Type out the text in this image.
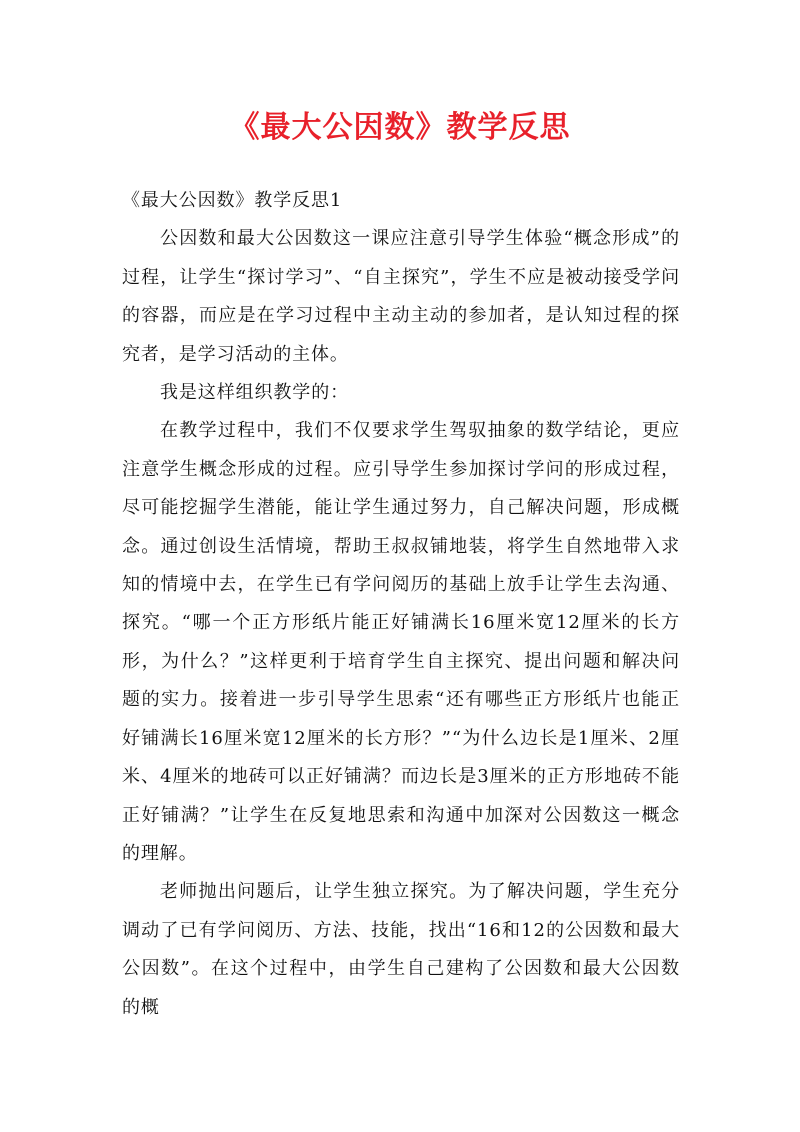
《最大公因数》教学反思

《最大公因数》教学反思1

公因数和最大公因数这一课应注意引导学生体验“概念形成”的过程，让学生“探讨学习”、“自主探究”，学生不应是被动接受学问的容器，而应是在学习过程中主动主动的参加者，是认知过程的探究者，是学习活动的主体。

我是这样组织教学的：

在教学过程中，我们不仅要求学生驾驭抽象的数学结论，更应注意学生概念形成的过程。应引导学生参加探讨学问的形成过程，尽可能挖掘学生潜能，能让学生通过努力，自己解决问题，形成概念。通过创设生活情境，帮助王叔叔铺地装，将学生自然地带入求知的情境中去，在学生已有学问阅历的基础上放手让学生去沟通、探究。“哪一个正方形纸片能正好铺满长16厘米宽12厘米的长方形，为什么？”这样更利于培育学生自主探究、提出问题和解决问题的实力。接着进一步引导学生思索“还有哪些正方形纸片也能正好铺满长16厘米宽12厘米的长方形？”“为什么边长是1厘米、2厘米、4厘米的地砖可以正好铺满？而边长是3厘米的正方形地砖不能正好铺满？”让学生在反复地思索和沟通中加深对公因数这一概念的理解。

老师抛出问题后，让学生独立探究。为了解决问题，学生充分调动了已有学问阅历、方法、技能，找出“16和12的公因数和最大公因数”。在这个过程中，由学生自己建构了公因数和最大公因数的概
